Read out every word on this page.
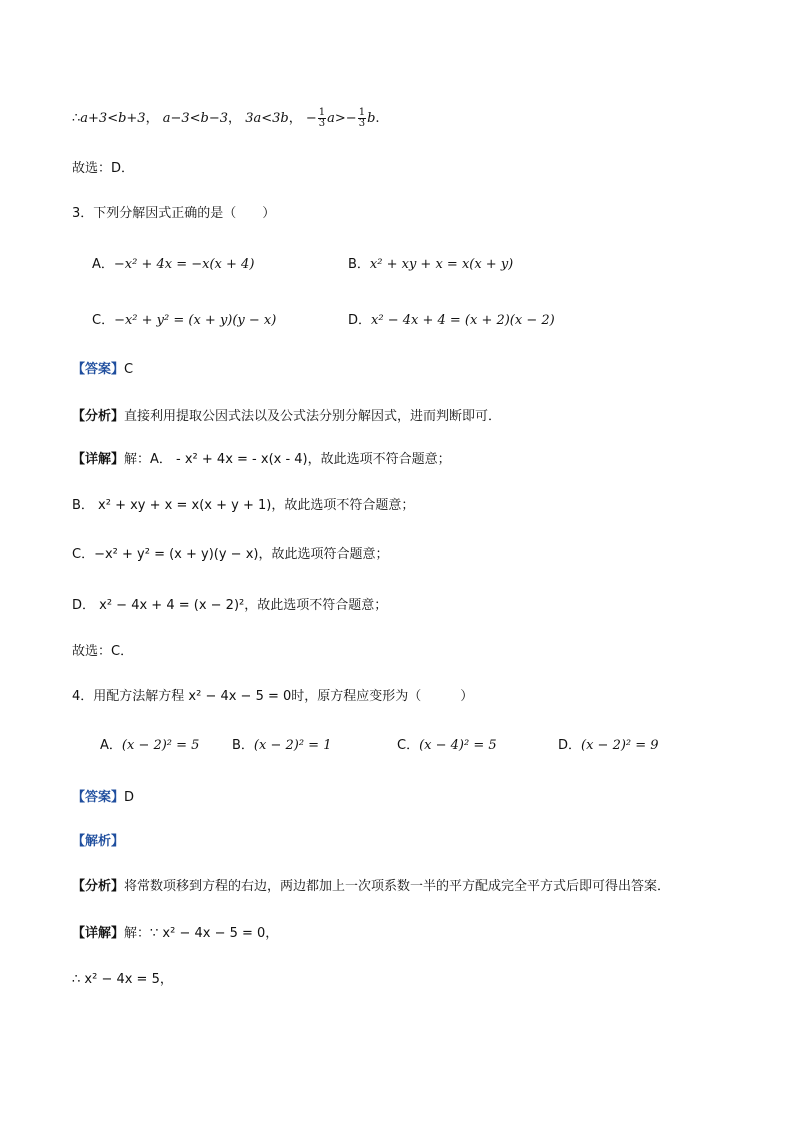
∴a+3<b+3， a−3<b−3， 3a<3b， − $\frac{1}{3} a>- \frac{1}{3} b$.
故选：D．
3．下列分解因式正确的是（　　）
A．−x² + 4x = −x(x + 4)	B．x² + xy + x = x(x + y)
C．−x² + y² = (x + y)(y − x)	D．x² − 4x + 4 = (x + 2)(x − 2)
【答案】C
【分析】直接利用提取公因式法以及公式法分别分解因式，进而判断即可．
【详解】解：A． - x² + 4x = - x(x - 4)，故此选项不符合题意；
B． x² + xy + x = x(x + y + 1)，故此选项不符合题意；
C．−x² + y² = (x + y)(y − x)，故此选项符合题意；
D． x² − 4x + 4 = (x − 2)²，故此选项不符合题意；
故选：C．
4．用配方法解方程 x² − 4x − 5 = 0时，原方程应变形为（　　　）
A．(x − 2)² = 5	B．(x − 2)² = 1	C．(x − 4)² = 5	D．(x − 2)² = 9
【答案】D
【解析】
【分析】将常数项移到方程的右边，两边都加上一次项系数一半的平方配成完全平方式后即可得出答案．
【详解】解：∵ x² − 4x − 5 = 0，
∴ x² − 4x = 5，
